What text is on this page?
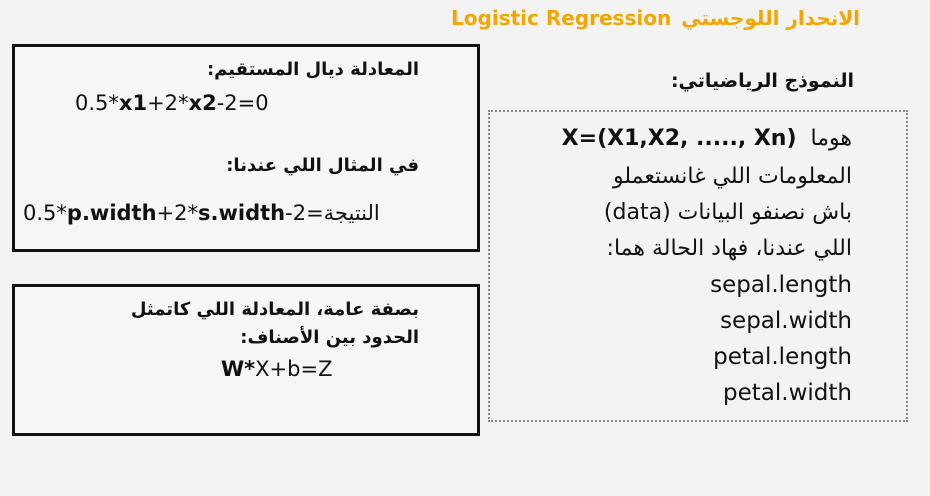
Logistic Regression الانحدار اللوجستي
المعادلة ديال المستقيم:
0.5*x1+2*x2-2=0
في المثال اللي عندنا:
0.5*p.width+2*s.width-2=النتيجة
بصفة عامة، المعادلة اللي كاتمثل
الحدود بين الأصناف:
W*X+b=Z
النموذج الرياضياتي:
هوما  X=(X1,X2, ....., Xn)
المعلومات اللي غانستعملو
باش نصنفو البيانات (data)
اللي عندنا، فهاد الحالة هما:
sepal.length
sepal.width
petal.length
petal.width
